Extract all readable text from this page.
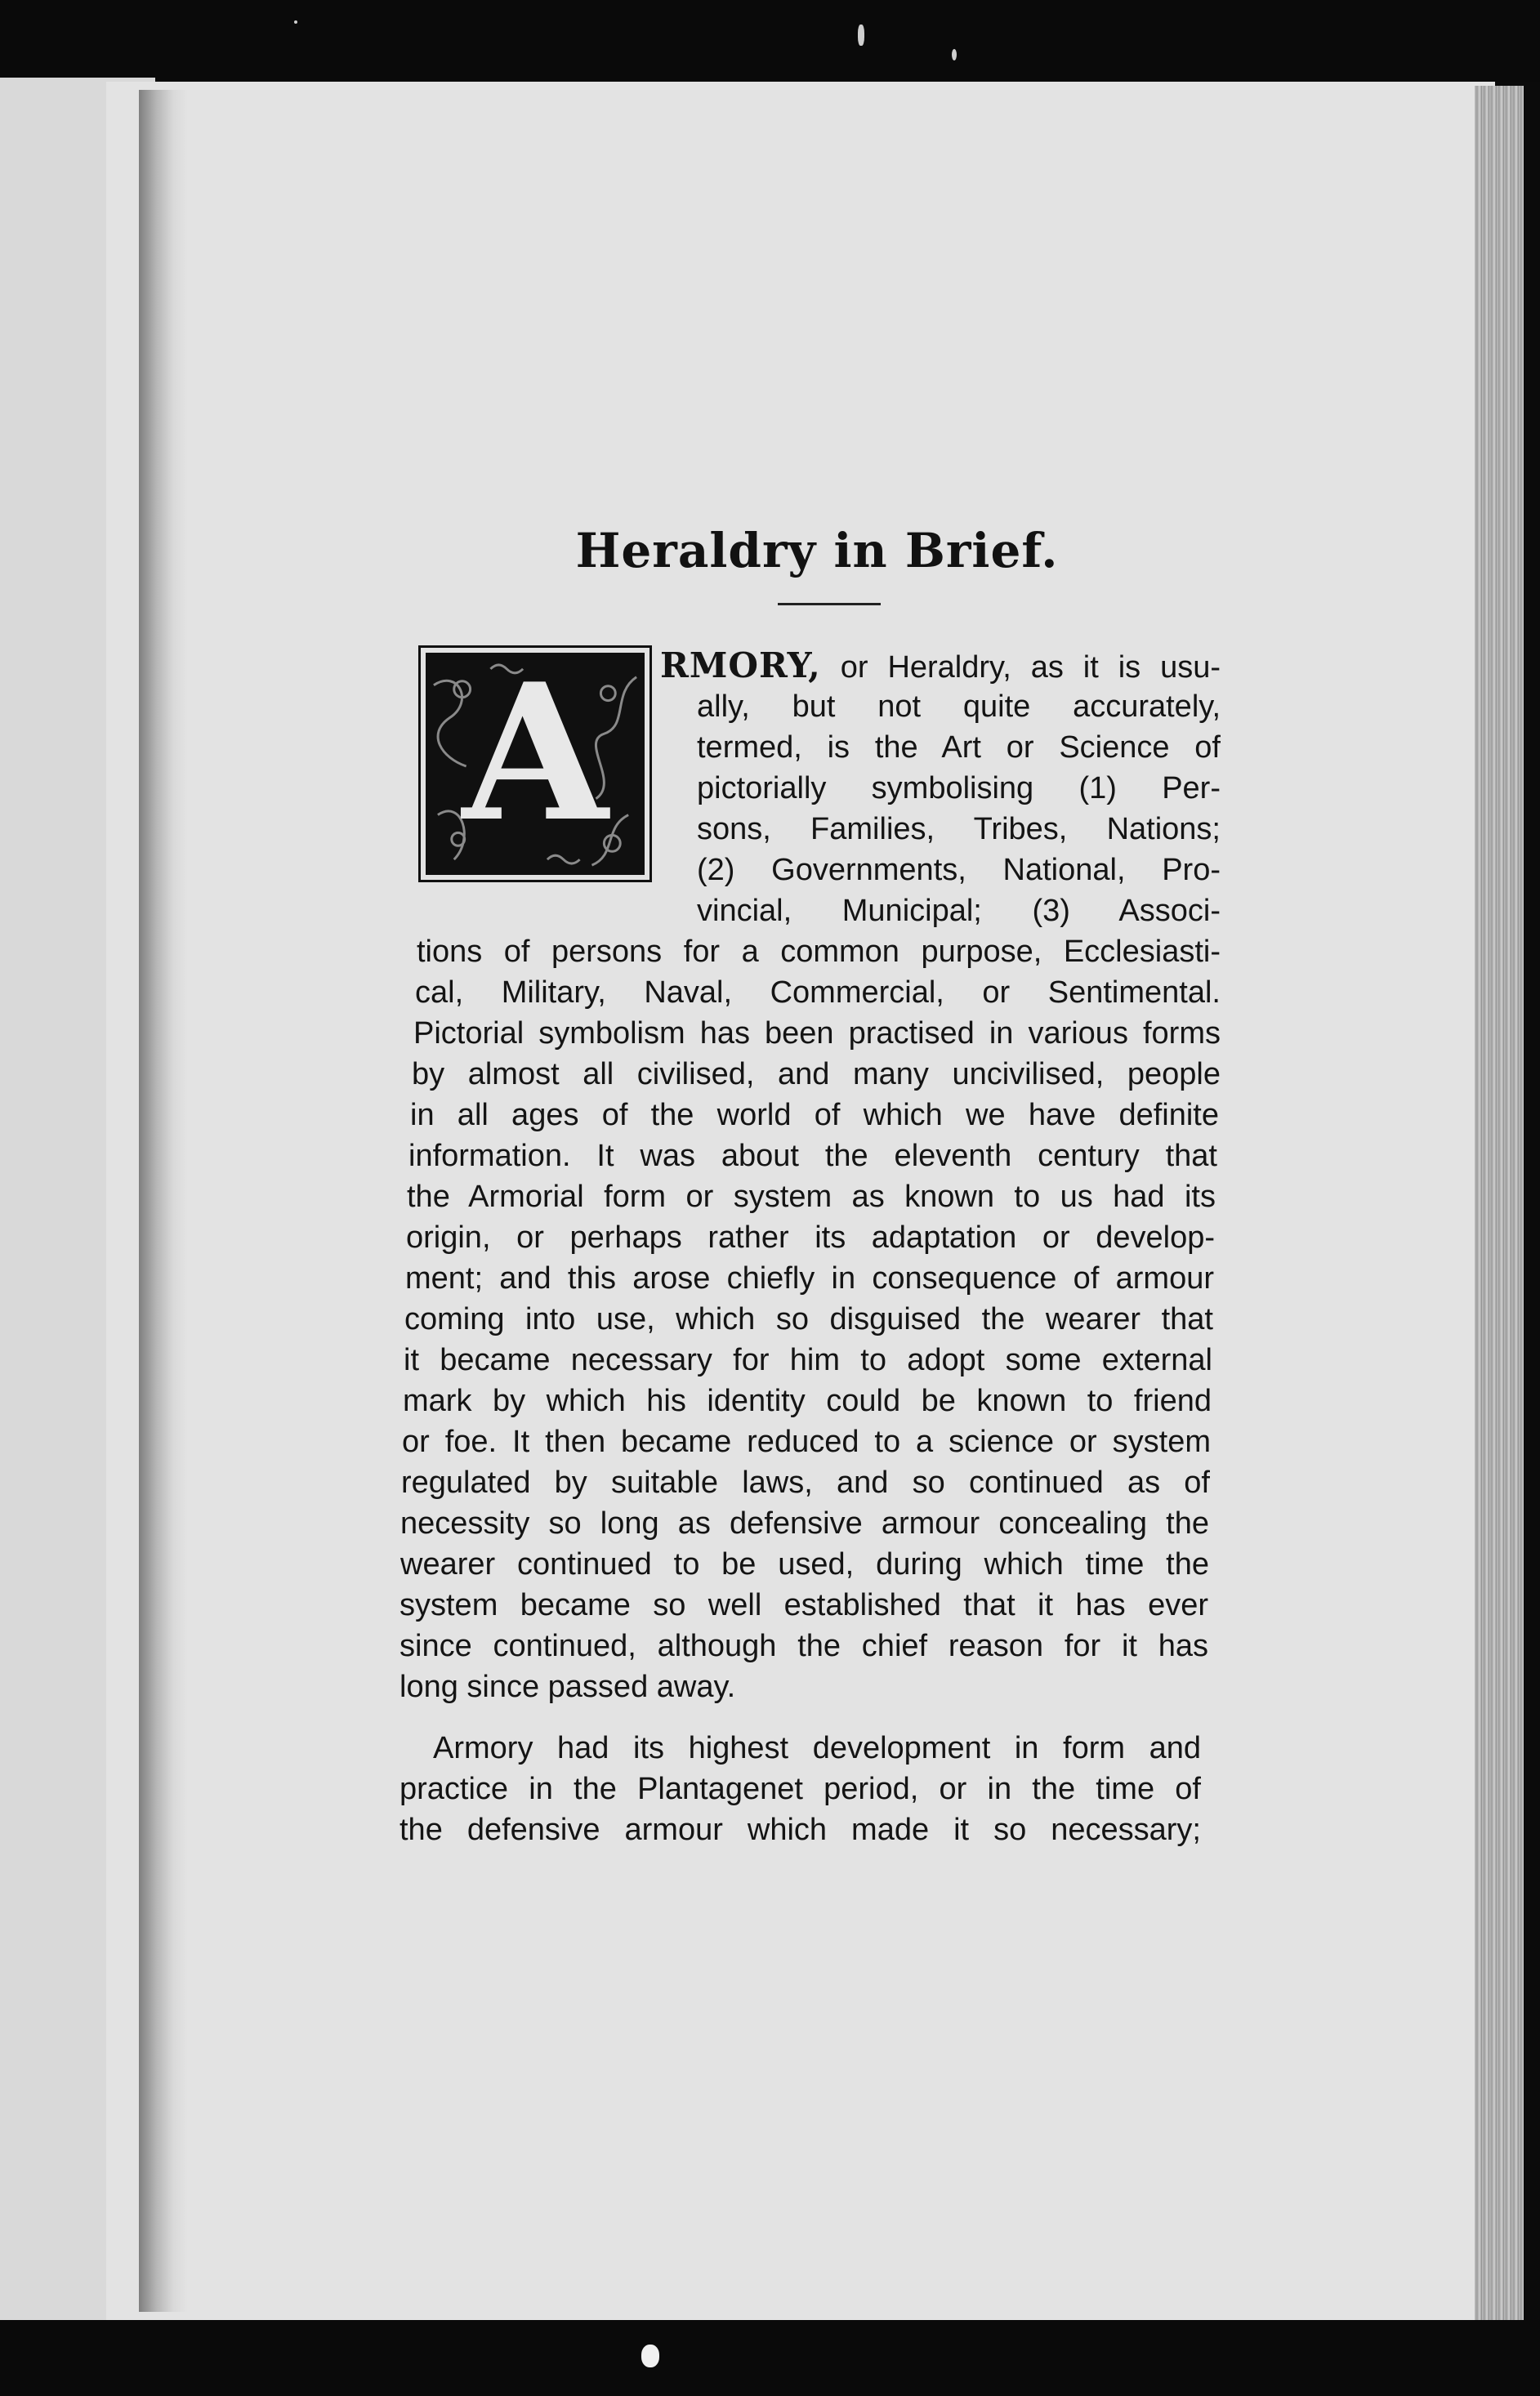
Heraldry in Brief.
A	RMORY, or Heraldry, as it is usu-
ally, but not quite accurately,
termed, is the Art or Science of
pictorially symbolising (1) Per-
sons, Families, Tribes, Nations;
(2) Governments, National, Pro-
vincial, Municipal; (3) Associ-
tions of persons for a common purpose, Ecclesiasti-
cal, Military, Naval, Commercial, or Sentimental.
Pictorial symbolism has been practised in various forms
by almost all civilised, and many uncivilised, people
in all ages of the world of which we have definite
information. It was about the eleventh century that
the Armorial form or system as known to us had its
origin, or perhaps rather its adaptation or develop-
ment; and this arose chiefly in consequence of armour
coming into use, which so disguised the wearer that
it became necessary for him to adopt some external
mark by which his identity could be known to friend
or foe. It then became reduced to a science or system
regulated by suitable laws, and so continued as of
necessity so long as defensive armour concealing the
wearer continued to be used, during which time the
system became so well established that it has ever
since continued, although the chief reason for it has
long since passed away.
Armory had its highest development in form and
practice in the Plantagenet period, or in the time of
the defensive armour which made it so necessary;
